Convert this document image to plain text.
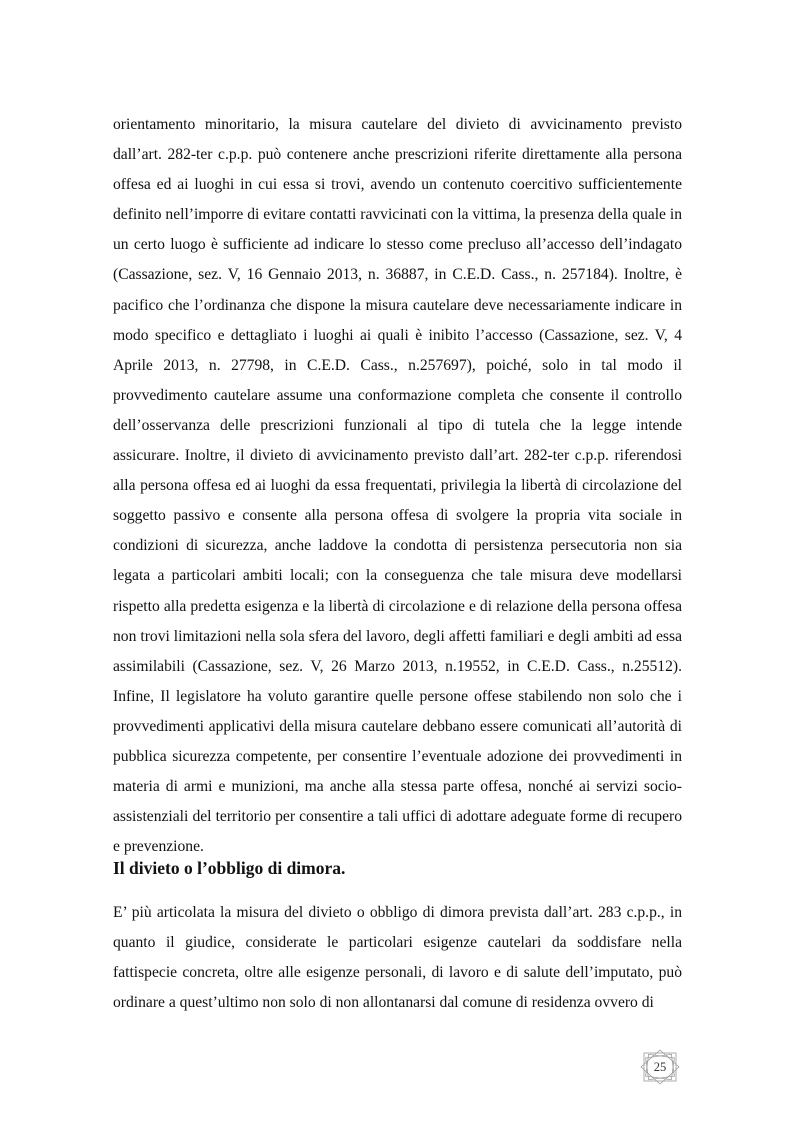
orientamento minoritario, la misura cautelare del divieto di avvicinamento previsto dall’art. 282-ter c.p.p. può contenere anche prescrizioni riferite direttamente alla persona offesa ed ai luoghi in cui essa si trovi, avendo un contenuto coercitivo sufficientemente definito nell’imporre di evitare contatti ravvicinati con la vittima, la presenza della quale in un certo luogo è sufficiente ad indicare lo stesso come precluso all’accesso dell’indagato (Cassazione, sez. V, 16 Gennaio 2013, n. 36887, in C.E.D. Cass., n. 257184). Inoltre, è pacifico che l’ordinanza che dispone la misura cautelare deve necessariamente indicare in modo specifico e dettagliato i luoghi ai quali è inibito l’accesso (Cassazione, sez. V, 4 Aprile 2013, n. 27798, in C.E.D. Cass., n.257697), poiché, solo in tal modo il provvedimento cautelare assume una conformazione completa che consente il controllo dell’osservanza delle prescrizioni funzionali al tipo di tutela che la legge intende assicurare. Inoltre, il divieto di avvicinamento previsto dall’art. 282-ter c.p.p. riferendosi alla persona offesa ed ai luoghi da essa frequentati, privilegia la libertà di circolazione del soggetto passivo e consente alla persona offesa di svolgere la propria vita sociale in condizioni di sicurezza, anche laddove la condotta di persistenza persecutoria non sia legata a particolari ambiti locali; con la conseguenza che tale misura deve modellarsi rispetto alla predetta esigenza e la libertà di circolazione e di relazione della persona offesa non trovi limitazioni nella sola sfera del lavoro, degli affetti familiari e degli ambiti ad essa assimilabili (Cassazione, sez. V, 26 Marzo 2013, n.19552, in C.E.D. Cass., n.25512). Infine, Il legislatore ha voluto garantire quelle persone offese stabilendo non solo che i provvedimenti applicativi della misura cautelare debbano essere comunicati all’autorità di pubblica sicurezza competente, per consentire l’eventuale adozione dei provvedimenti in materia di armi e munizioni, ma anche alla stessa parte offesa, nonché ai servizi socio-assistenziali del territorio per consentire a tali uffici di adottare adeguate forme di recupero e prevenzione.

Il divieto o l’obbligo di dimora.

E’ più articolata la misura del divieto o obbligo di dimora prevista dall’art. 283 c.p.p., in quanto il giudice, considerate le particolari esigenze cautelari da soddisfare nella fattispecie concreta, oltre alle esigenze personali, di lavoro e di salute dell’imputato, può ordinare a quest’ultimo non solo di non allontanarsi dal comune di residenza ovvero di

25
